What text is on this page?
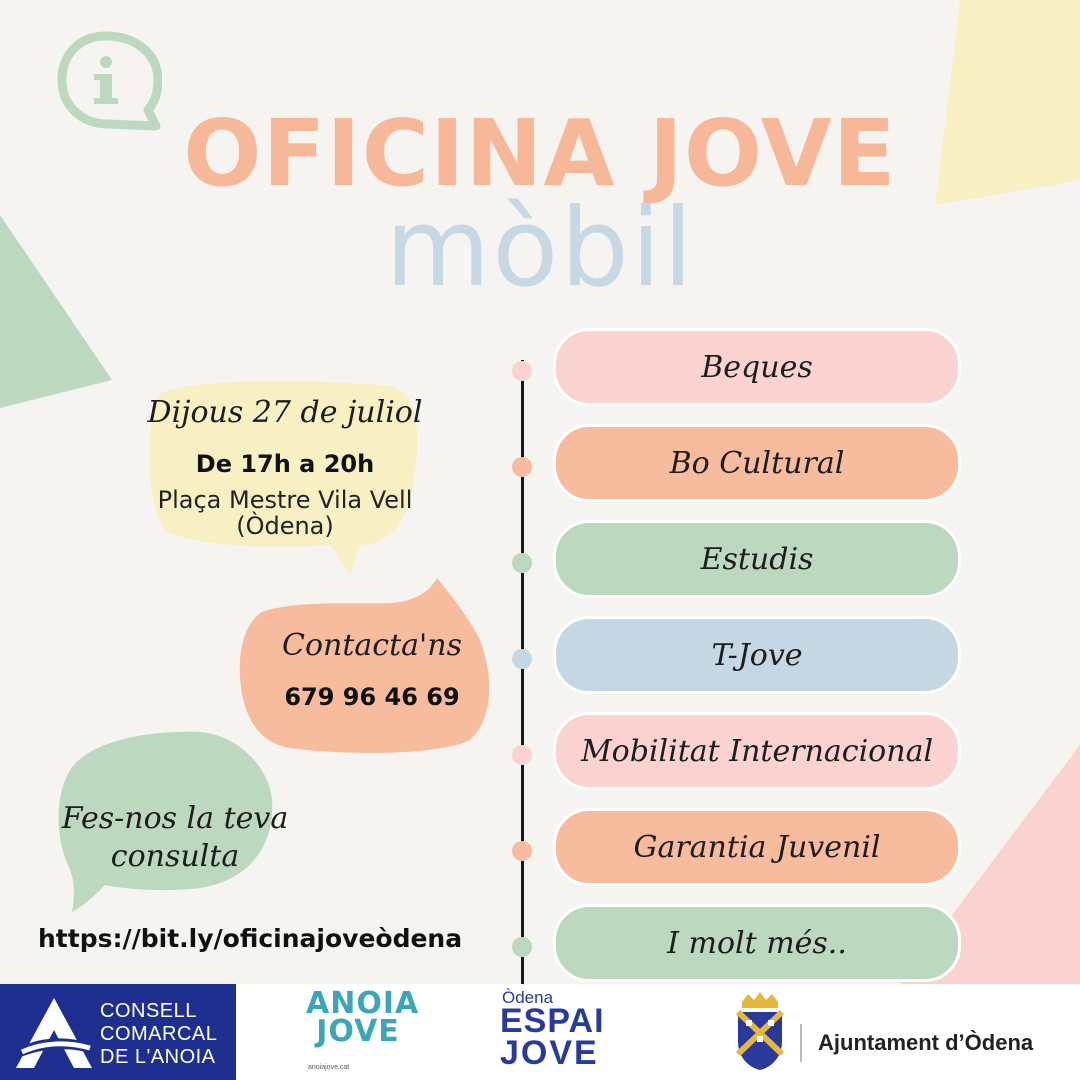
OFICINA JOVE
mòbil
Dijous 27 de juliol
De 17h a 20h
Plaça Mestre Vila Vell
(Òdena)
Contacta'ns
679 96 46 69
Fes-nos la teva
consulta
https://bit.ly/oficinajoveòdena
Beques
Bo Cultural
Estudis
T-Jove
Mobilitat Internacional
Garantia Juvenil
I molt més..
CONSELL
COMARCAL
DE L'ANOIA
ANOIA
JOVE
anoiajove.cat
Òdena
ESPAI
JOVE	Ajuntament d’Òdena
